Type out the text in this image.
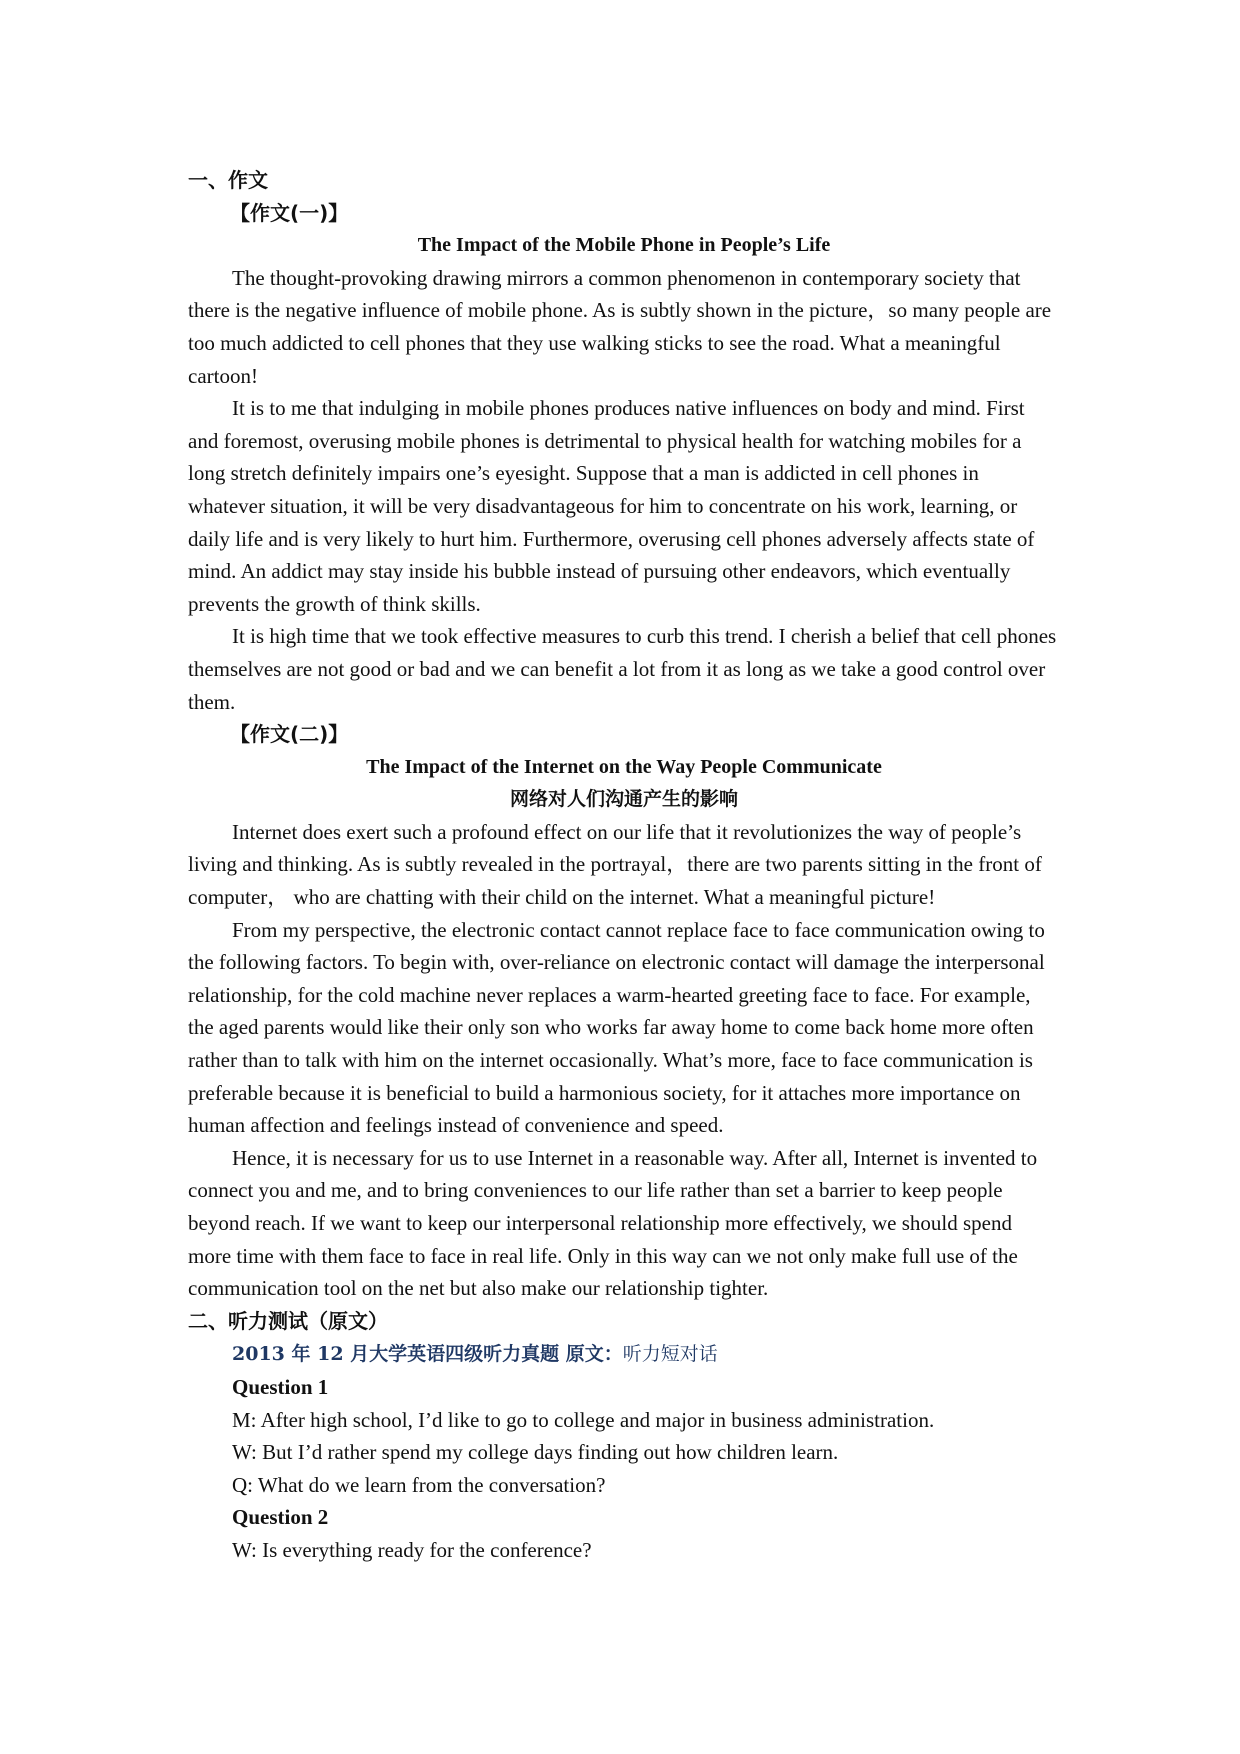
一、作文

【作文(一)】

The Impact of the Mobile Phone in People’s Life

The thought-provoking drawing mirrors a common phenomenon in contemporary society that there is the negative influence of mobile phone. As is subtly shown in the picture，so many people are too much addicted to cell phones that they use walking sticks to see the road. What a meaningful cartoon!

It is to me that indulging in mobile phones produces native influences on body and mind. First and foremost, overusing mobile phones is detrimental to physical health for watching mobiles for a long stretch definitely impairs one’s eyesight. Suppose that a man is addicted in cell phones in whatever situation, it will be very disadvantageous for him to concentrate on his work, learning, or daily life and is very likely to hurt him. Furthermore, overusing cell phones adversely affects state of mind. An addict may stay inside his bubble instead of pursuing other endeavors, which eventually prevents the growth of think skills.

It is high time that we took effective measures to curb this trend. I cherish a belief that cell phones themselves are not good or bad and we can benefit a lot from it as long as we take a good control over them.

【作文(二)】

The Impact of the Internet on the Way People Communicate

网络对人们沟通产生的影响

Internet does exert such a profound effect on our life that it revolutionizes the way of people’s living and thinking. As is subtly revealed in the portrayal，there are two parents sitting in the front of computer， who are chatting with their child on the internet. What a meaningful picture!

From my perspective, the electronic contact cannot replace face to face communication owing to the following factors. To begin with, over-reliance on electronic contact will damage the interpersonal relationship, for the cold machine never replaces a warm-hearted greeting face to face. For example, the aged parents would like their only son who works far away home to come back home more often rather than to talk with him on the internet occasionally. What’s more, face to face communication is preferable because it is beneficial to build a harmonious society, for it attaches more importance on human affection and feelings instead of convenience and speed.

Hence, it is necessary for us to use Internet in a reasonable way. After all, Internet is invented to connect you and me, and to bring conveniences to our life rather than set a barrier to keep people beyond reach. If we want to keep our interpersonal relationship more effectively, we should spend more time with them face to face in real life. Only in this way can we not only make full use of the communication tool on the net but also make our relationship tighter.

二、听力测试（原文）

2013 年 12 月大学英语四级听力真题 原文：听力短对话

Question 1

M: After high school, I’d like to go to college and major in business administration.

W: But I’d rather spend my college days finding out how children learn.

Q: What do we learn from the conversation?

Question 2

W: Is everything ready for the conference?
